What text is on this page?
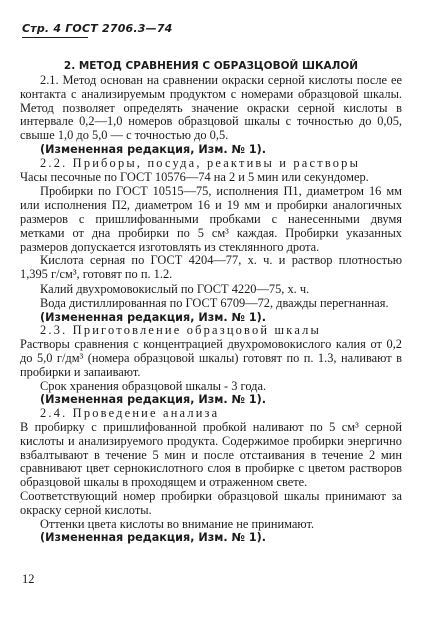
Стр. 4 ГОСТ 2706.3—74
2. МЕТОД СРАВНЕНИЯ С ОБРАЗЦОВОЙ ШКАЛОЙ

2.1. Метод основан на сравнении окраски серной кислоты после ее контакта с анализируемым продуктом с номерами образцовой шкалы. Метод позволяет определять значение окраски серной кислоты в интервале 0,2—1,0 номеров образцовой шкалы с точностью до 0,05, свыше 1,0 до 5,0 — с точностью до 0,5.

(Измененная редакция, Изм. № 1).

2.2. Приборы, посуда, реактивы и растворы

Часы песочные по ГОСТ 10576—74 на 2 и 5 мин или секундомер.

Пробирки по ГОСТ 10515—75, исполнения П1, диаметром 16 мм или исполнения П2, диаметром 16 и 19 мм и пробирки аналогичных размеров с пришлифованными пробками с нанесенными двумя метками от дна пробирки по 5 см³ каждая. Пробирки указанных размеров допускается изготовлять из стеклянного дрота.

Кислота серная по ГОСТ 4204—77, х. ч. и раствор плотностью 1,395 г/см³, готовят по п. 1.2.

Калий двухромовокислый по ГОСТ 4220—75, х. ч.

Вода дистиллированная по ГОСТ 6709—72, дважды перегнанная.

(Измененная редакция, Изм. № 1).

2.3. Приготовление образцовой шкалы

Растворы сравнения с концентрацией двухромовокислого калия от 0,2 до 5,0 г/дм³ (номера образцовой шкалы) готовят по п. 1.3, наливают в пробирки и запаивают.

Срок хранения образцовой шкалы - 3 года.

(Измененная редакция, Изм. № 1).

2.4. Проведение анализа

В пробирку с пришлифованной пробкой наливают по 5 см³ серной кислоты и анализируемого продукта. Содержимое пробирки энергично взбалтывают в течение 5 мин и после отстаивания в течение 2 мин сравнивают цвет сернокислотного слоя в пробирке с цветом растворов образцовой шкалы в проходящем и отраженном свете.

Соответствующий номер пробирки образцовой шкалы принимают за окраску серной кислоты.

Оттенки цвета кислоты во внимание не принимают.

(Измененная редакция, Изм. № 1).

12
